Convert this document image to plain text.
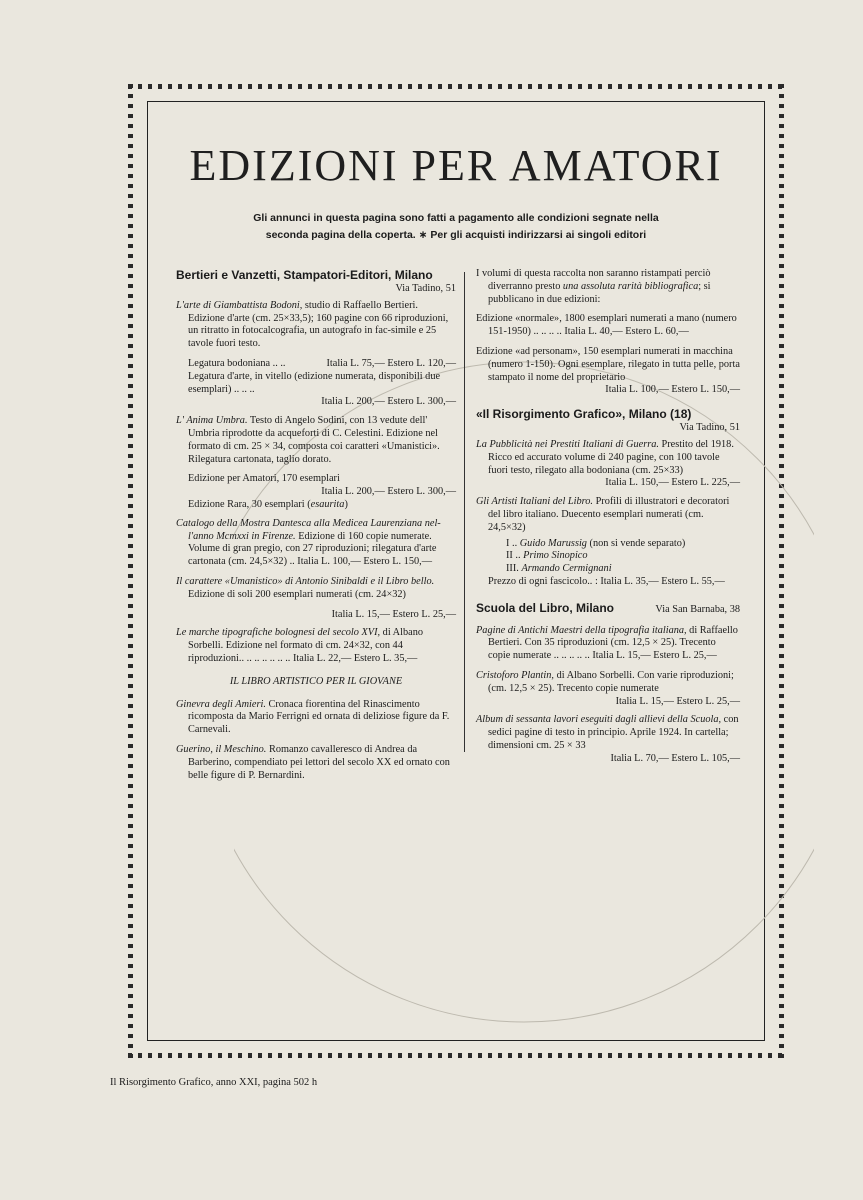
EDIZIONI PER AMATORI
Gli annunci in questa pagina sono fatti a pagamento alle condizioni segnate nella
seconda pagina della coperta. ∗ Per gli acquisti indirizzarsi ai singoli editori

Bertieri e Vanzetti, Stampatori-Editori, Milano

Via Tadino, 51

L'arte di Giambattista Bodoni, studio di Raffaello Bertieri. Edizione d'arte (cm. 25×33,5); 160 pagine con 66 riproduzioni, un ritratto in fotocalcografia, un autografo in fac-simile e 25 tavole fuori testo.

Legatura bodoniana .. ..	Italia L. 75,— Estero L. 120,—
Legatura d'arte, in vitello (edizione numerata, disponibili due esemplari) .. .. ..
Italia L. 200,— Estero L. 300,—

L' Anima Umbra. Testo di Angelo Sodini, con 13 vedute dell' Umbria riprodotte da acqueforti di C. Celestini. Edizione nel formato di cm. 25 × 34, composta coi caratteri «Umanistici». Rilegatura cartonata, taglio dorato.

Edizione per Amatori, 170 esemplari
Italia L. 200,— Estero L. 300,—
Edizione Rara, 30 esemplari (esaurita)

Catalogo della Mostra Dantesca alla Medicea Laurenziana nel-l'anno Mcmxxi in Firenze. Edizione di 160 copie numerate. Volume di gran pregio, con 27 riproduzioni; rilegatura d'arte cartonata (cm. 24,5×32) .. Italia L. 100,— Estero L. 150,—

Il carattere «Umanistico» di Antonio Sinibaldi e il Libro bello. Edizione di soli 200 esemplari numerati (cm. 24×32)

Italia L. 15,— Estero L. 25,—

Le marche tipografiche bolognesi del secolo XVI, di Albano Sorbelli. Edizione nel formato di cm. 24×32, con 44 riproduzioni.. .. .. .. .. .. .. Italia L. 22,— Estero L. 35,—

IL LIBRO ARTISTICO PER IL GIOVANE

Ginevra degli Amieri. Cronaca fiorentina del Rinascimento ricomposta da Mario Ferrigni ed ornata di deliziose figure da F. Carnevali.

Guerino, il Meschino. Romanzo cavalleresco di Andrea da Barberino, compendiato pei lettori del secolo XX ed ornato con belle figure di P. Bernardini.

I volumi di questa raccolta non saranno ristampati perciò diverranno presto una assoluta rarità bibliografica; si pubblicano in due edizioni:

Edizione «normale», 1800 esemplari numerati a mano (numero 151-1950) .. .. .. .. Italia L. 40,— Estero L. 60,—

Edizione «ad personam», 150 esemplari numerati in macchina (numero 1-150). Ogni esemplare, rilegato in tutta pelle, porta stampato il nome del proprietario

Italia L. 100,— Estero L. 150,—

«Il Risorgimento Grafico», Milano (18)

Via Tadino, 51

La Pubblicità nei Prestiti Italiani di Guerra. Prestito del 1918. Ricco ed accurato volume di 240 pagine, con 100 tavole fuori testo, rilegato alla bodoniana (cm. 25×33)

Italia L. 150,— Estero L. 225,—

Gli Artisti Italiani del Libro. Profili di illustratori e decoratori del libro italiano. Duecento esemplari numerati (cm. 24,5×32)

I .. Guido Marussig (non si vende separato)
II .. Primo Sinopico
III. Armando Cermignani
Prezzo di ogni fascicolo.. : Italia L. 35,— Estero L. 55,—
Scuola del Libro, Milano	Via San Barnaba, 38

Pagine di Antichi Maestri della tipografia italiana, di Raffaello Bertieri. Con 35 riproduzioni (cm. 12,5 × 25). Trecento copie numerate .. .. .. .. .. Italia L. 15,— Estero L. 25,—

Cristoforo Plantin, di Albano Sorbelli. Con varie riproduzioni; (cm. 12,5 × 25). Trecento copie numerate

Italia L. 15,— Estero L. 25,—

Album di sessanta lavori eseguiti dagli allievi della Scuola, con sedici pagine di testo in principio. Aprile 1924. In cartella; dimensioni cm. 25 × 33

Italia L. 70,— Estero L. 105,—
Il Risorgimento Grafico, anno XXI, pagina 502 h
